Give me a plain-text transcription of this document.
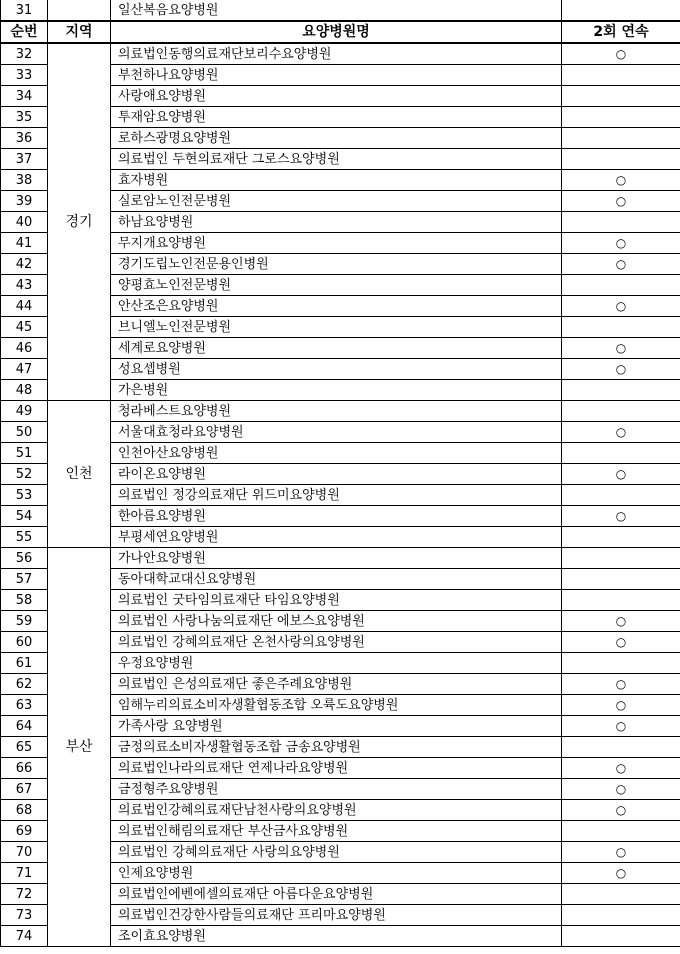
31		일산복음요양병원	
순번	지역	요양병원명	2회 연속
32	경기	의료법인동행의료재단보리수요양병원	○
33		부천하나요양병원	
34		사랑애요양병원	
35		투재암요양병원	
36		로하스광명요양병원	
37		의료법인 두현의료재단 그로스요양병원	
38		효자병원	○
39		실로암노인전문병원	○
40		하남요양병원	
41		무지개요양병원	○
42		경기도립노인전문용인병원	○
43		양평효노인전문병원	
44		안산조은요양병원	○
45		브니엘노인전문병원	
46		세계로요양병원	○
47		성요셉병원	○
48		가은병원	
49	인천	청라베스트요양병원	
50		서울대효청라요양병원	○
51		인천아산요양병원	
52		라이온요양병원	○
53		의료법인 정강의료재단 위드미요양병원	
54		한아름요양병원	○
55		부평세연요양병원	
56	부산	가나안요양병원	
57		동아대학교대신요양병원	
58		의료법인 굿타임의료재단 타임요양병원	
59		의료법인 사랑나눔의료재단 에보스요양병원	○
60		의료법인 강혜의료재단 온천사랑의요양병원	○
61		우정요양병원	
62		의료법인 은성의료재단 좋은주례요양병원	○
63		임해누리의료소비자생활협동조합 오륙도요양병원	○
64		가족사랑 요양병원	○
65		금정의료소비자생활협동조합 금송요양병원	
66		의료법인나라의료재단 연제나라요양병원	○
67		금정형주요양병원	○
68		의료법인강혜의료재단남천사랑의요양병원	○
69		의료법인해림의료재단 부산금사요양병원	
70		의료법인 강혜의료재단 사랑의요양병원	○
71		인제요양병원	○
72		의료법인에벤에셀의료재단 아름다운요양병원	
73		의료법인건강한사람들의료재단 프리마요양병원	
74		조이효요양병원	
